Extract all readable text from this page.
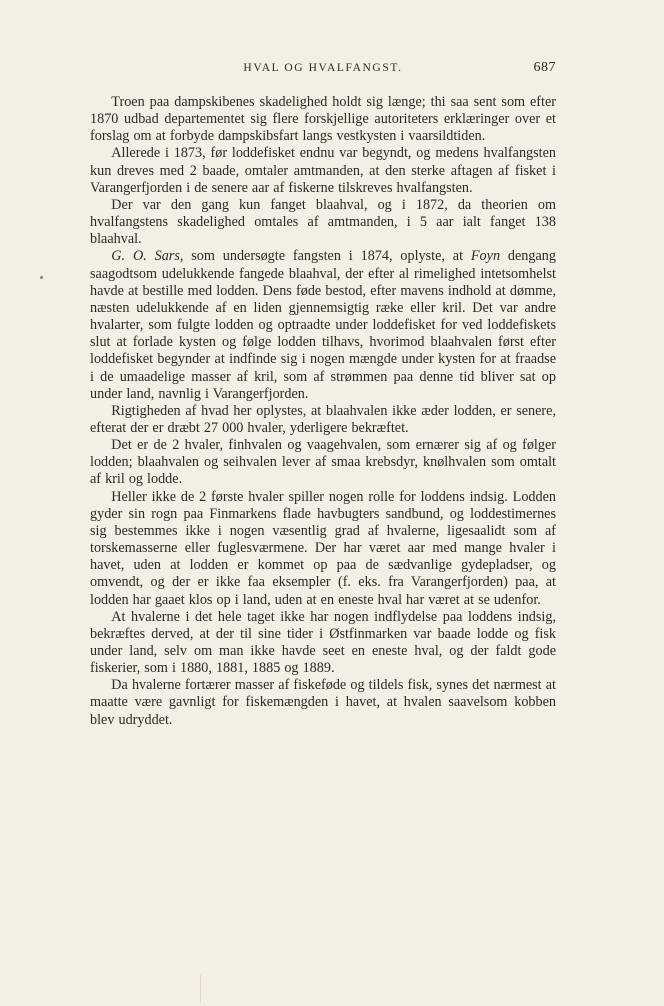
HVAL OG HVALFANGST.	687

Troen paa dampskibenes skadelighed holdt sig længe; thi saa sent som efter 1870 udbad departementet sig flere forskjellige autoriteters erklæringer over et forslag om at forbyde dampskibsfart langs vestkysten i vaarsildtiden.

Allerede i 1873, før loddefisket endnu var begyndt, og medens hvalfangsten kun dreves med 2 baade, omtaler amtmanden, at den sterke aftagen af fisket i Varangerfjorden i de senere aar af fiskerne tilskreves hvalfangsten.

Der var den gang kun fanget blaahval, og i 1872, da theorien om hvalfangstens skadelighed omtales af amtmanden, i 5 aar ialt fanget 138 blaahval.

G. O. Sars, som undersøgte fangsten i 1874, oplyste, at Foyn dengang saagodtsom udelukkende fangede blaahval, der efter al rimelighed intetsomhelst havde at bestille med lodden. Dens føde bestod, efter mavens indhold at dømme, næsten udelukkende af en liden gjennemsigtig ræke eller kril. Det var andre hvalarter, som fulgte lodden og optraadte under loddefisket for ved loddefiskets slut at forlade kysten og følge lodden tilhavs, hvorimod blaahvalen først efter loddefisket begynder at indfinde sig i nogen mængde under kysten for at fraadse i de umaadelige masser af kril, som af strømmen paa denne tid bliver sat op under land, navnlig i Varangerfjorden.

Rigtigheden af hvad her oplystes, at blaahvalen ikke æder lodden, er senere, efterat der er dræbt 27 000 hvaler, yderligere bekræftet.

Det er de 2 hvaler, finhvalen og vaagehvalen, som ernærer sig af og følger lodden; blaahvalen og seihvalen lever af smaa krebsdyr, knølhvalen som omtalt af kril og lodde.

Heller ikke de 2 første hvaler spiller nogen rolle for loddens indsig. Lodden gyder sin rogn paa Finmarkens flade havbugters sandbund, og loddestimernes sig bestemmes ikke i nogen væsentlig grad af hvalerne, ligesaalidt som af torskemasserne eller fuglesværmene. Der har været aar med mange hvaler i havet, uden at lodden er kommet op paa de sædvanlige gydepladser, og omvendt, og der er ikke faa eksempler (f. eks. fra Varangerfjorden) paa, at lodden har gaaet klos op i land, uden at en eneste hval har været at se udenfor.

At hvalerne i det hele taget ikke har nogen indflydelse paa loddens indsig, bekræftes derved, at der til sine tider i Østfinmarken var baade lodde og fisk under land, selv om man ikke havde seet en eneste hval, og der faldt gode fiskerier, som i 1880, 1881, 1885 og 1889.

Da hvalerne fortærer masser af fiskeføde og tildels fisk, synes det nærmest at maatte være gavnligt for fiskemængden i havet, at hvalen saavelsom kobben blev udryddet.
